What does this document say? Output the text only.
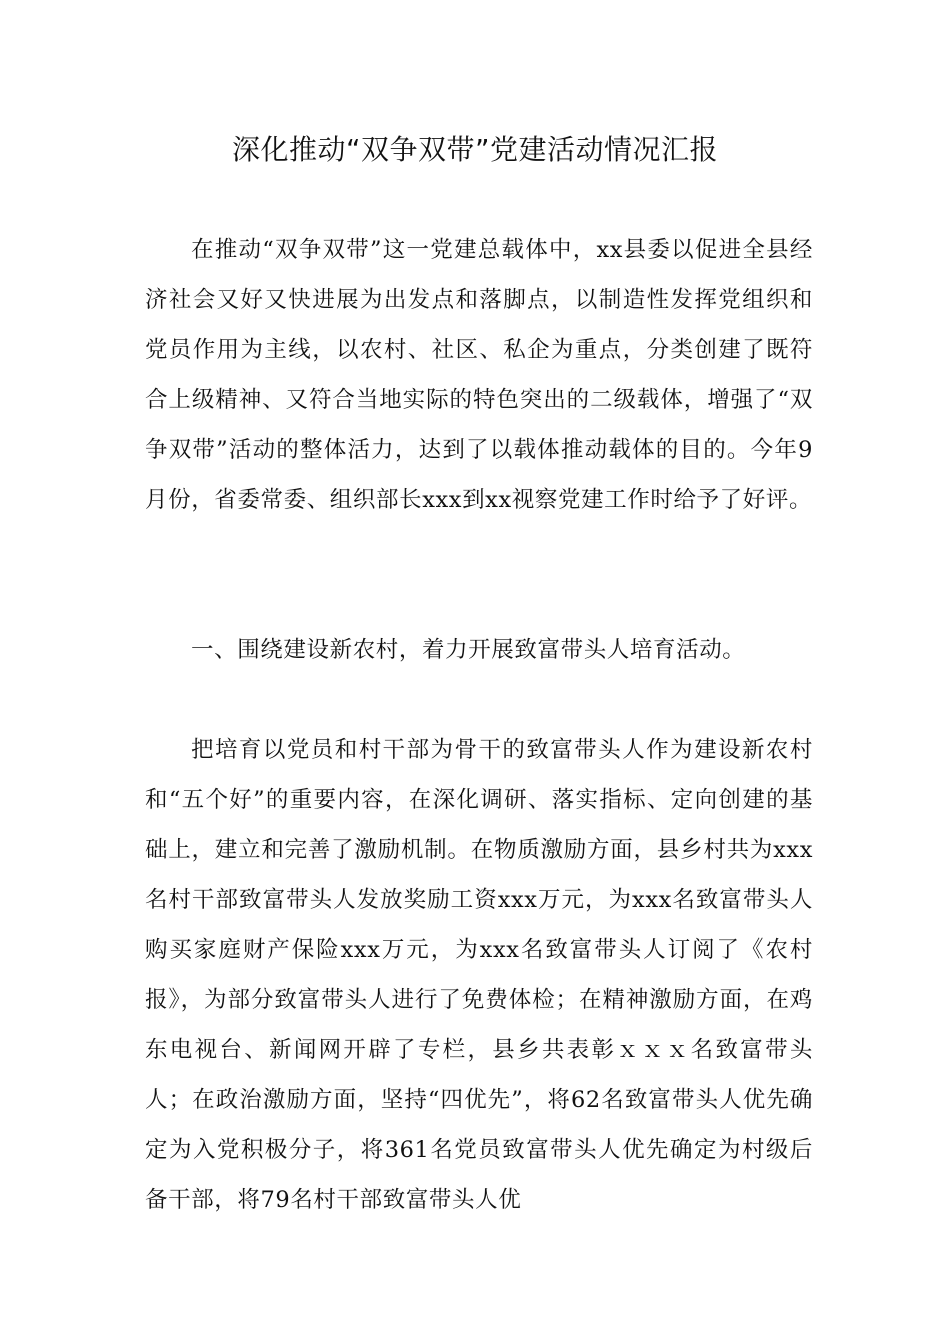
深化推动“双争双带”党建活动情况汇报

在推动“双争双带”这一党建总载体中，xx县委以促进全县经济社会又好又快进展为出发点和落脚点，以制造性发挥党组织和党员作用为主线，以农村、社区、私企为重点，分类创建了既符合上级精神、又符合当地实际的特色突出的二级载体，增强了“双争双带”活动的整体活力，达到了以载体推动载体的目的。今年9月份，省委常委、组织部长xxx到xx视察党建工作时给予了好评。

一、围绕建设新农村，着力开展致富带头人培育活动。

把培育以党员和村干部为骨干的致富带头人作为建设新农村和“五个好”的重要内容，在深化调研、落实指标、定向创建的基础上，建立和完善了激励机制。在物质激励方面，县乡村共为xxx名村干部致富带头人发放奖励工资xxx万元，为xxx名致富带头人购买家庭财产保险xxx万元，为xxx名致富带头人订阅了《农村报》，为部分致富带头人进行了免费体检；在精神激励方面，在鸡东电视台、新闻网开辟了专栏，县乡共表彰ｘｘｘ名致富带头人；在政治激励方面，坚持“四优先”，将62名致富带头人优先确定为入党积极分子，将361名党员致富带头人优先确定为村级后备干部，将79名村干部致富带头人优
